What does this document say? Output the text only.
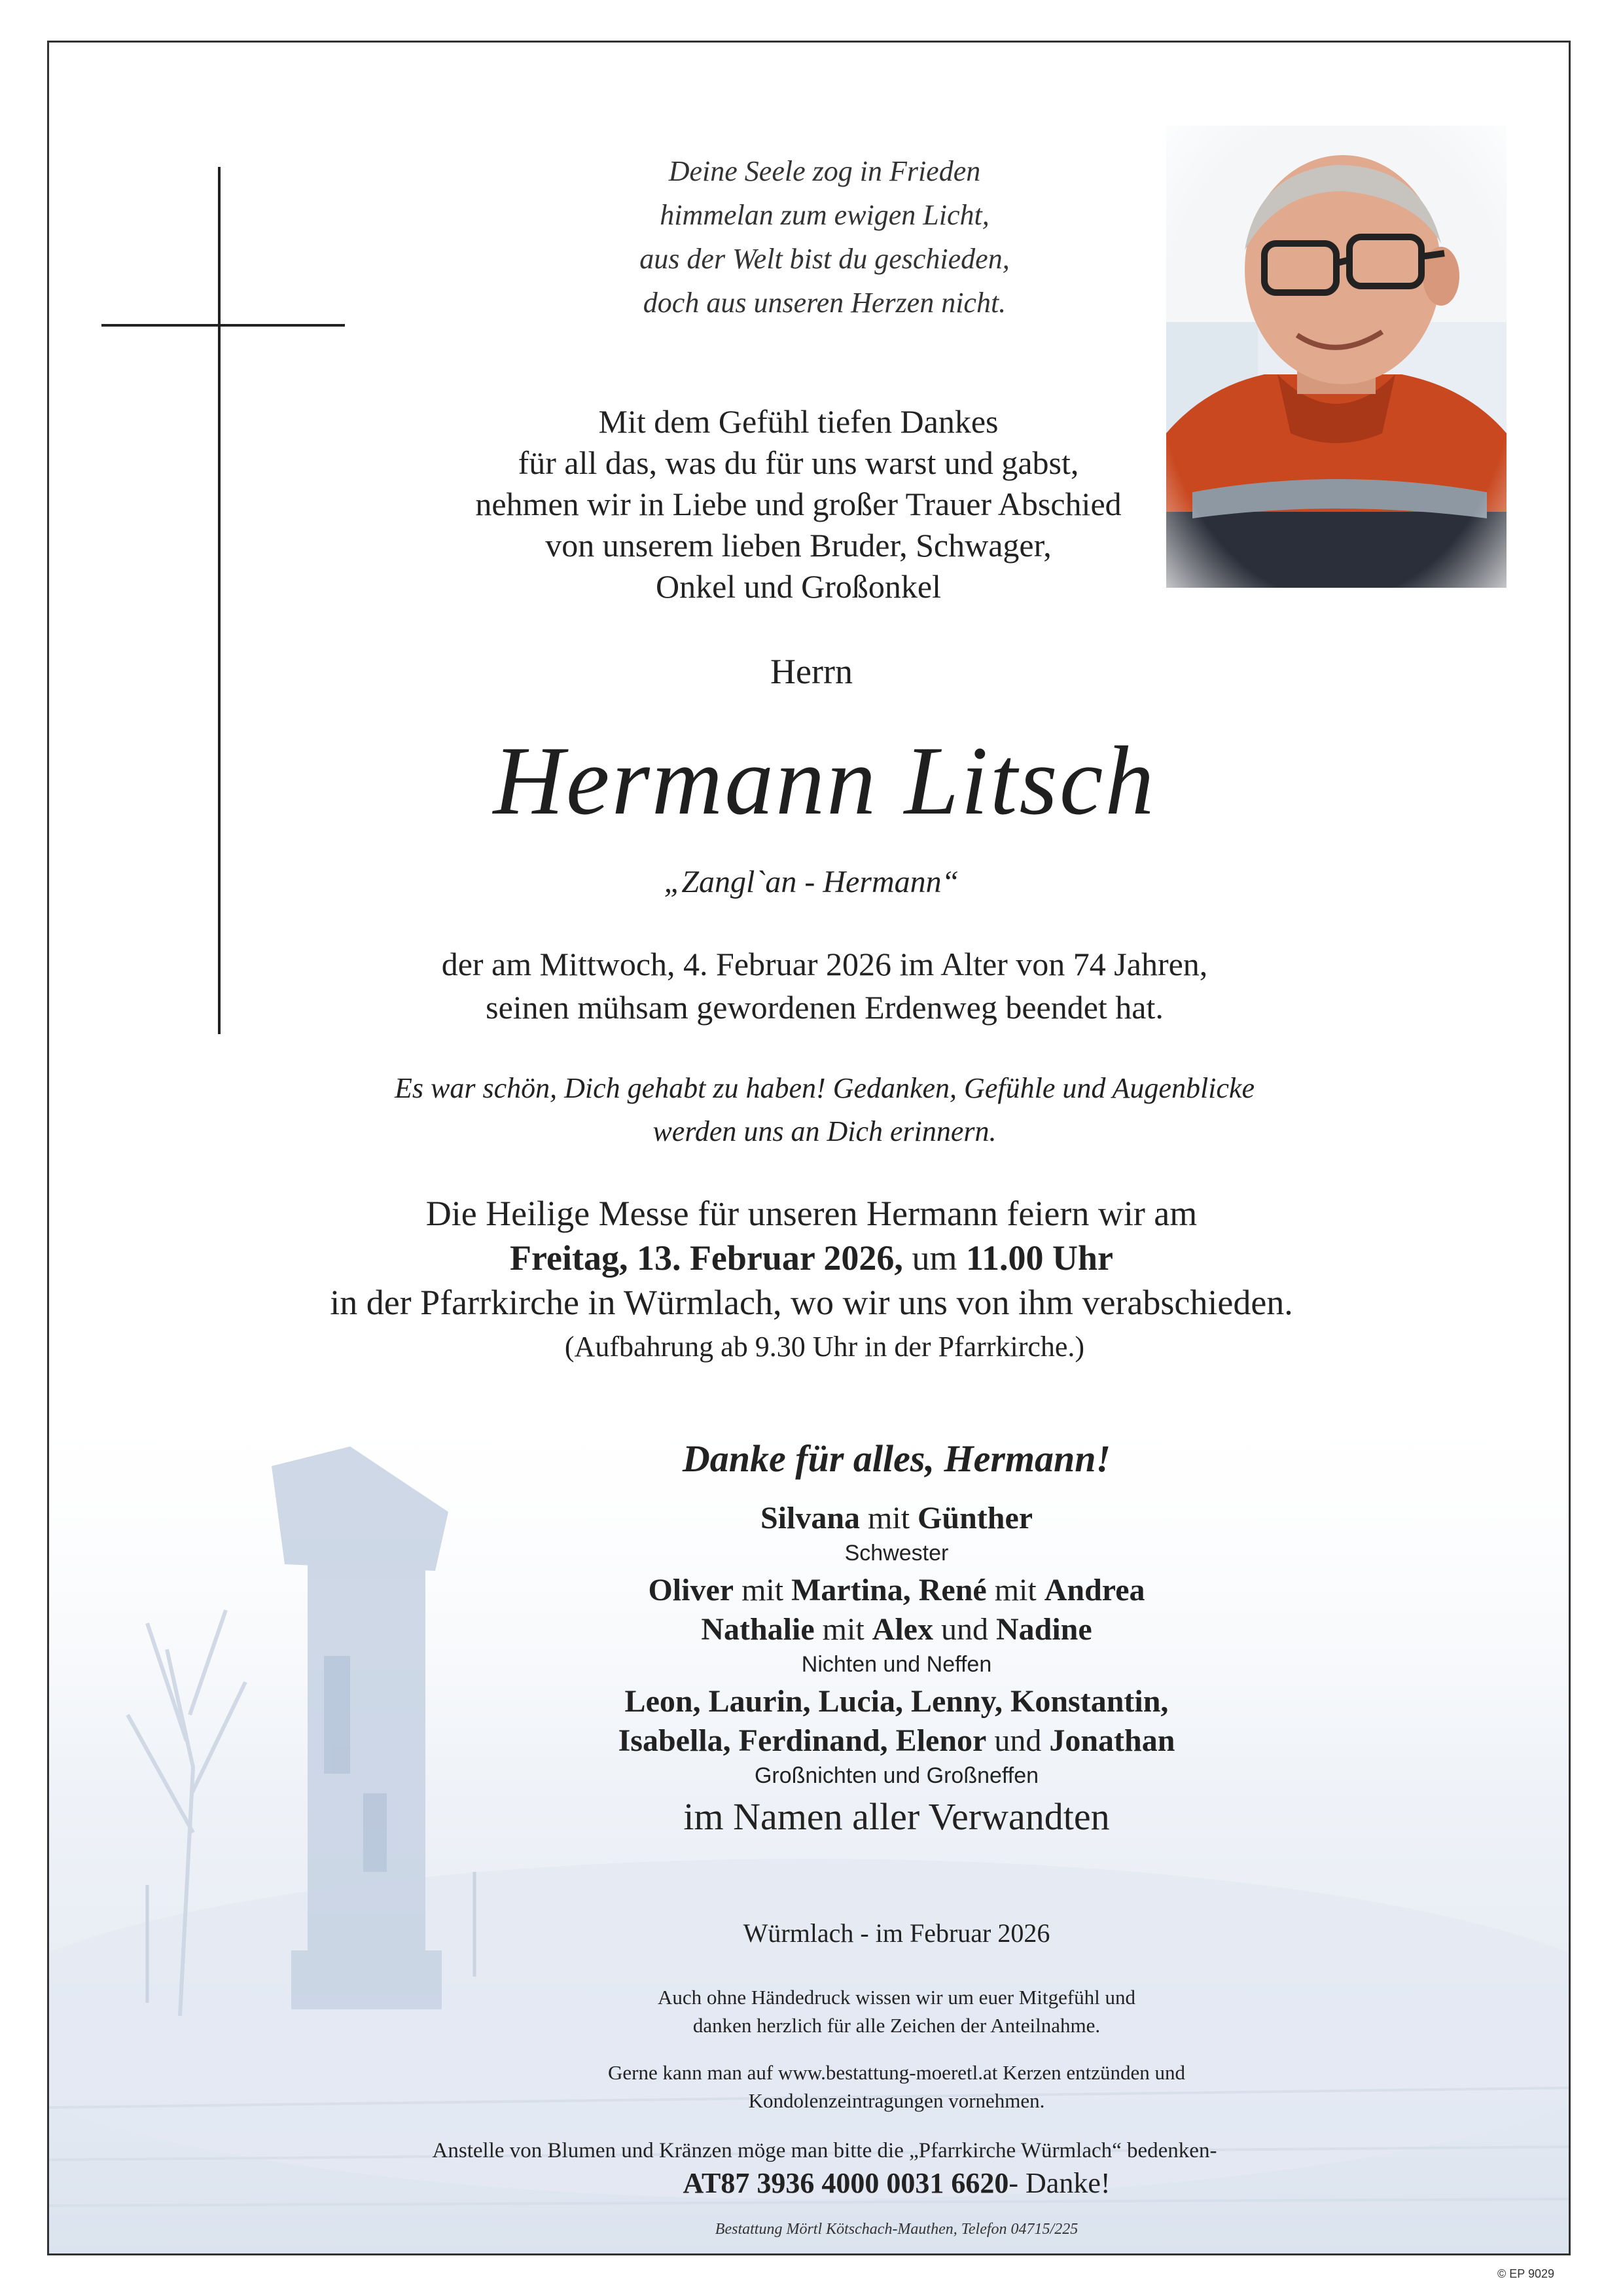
Deine Seele zog in Frieden
himmelan zum ewigen Licht,
aus der Welt bist du geschieden,
doch aus unseren Herzen nicht.
Mit dem Gefühl tiefen Dankes
für all das, was du für uns warst und gabst,
nehmen wir in Liebe und großer Trauer Abschied
von unserem lieben Bruder, Schwager,
Onkel und Großonkel
Herrn
Hermann Litsch
„Zangl`an - Hermann“
der am Mittwoch, 4. Februar 2026 im Alter von 74 Jahren,
seinen mühsam gewordenen Erdenweg beendet hat.
Es war schön, Dich gehabt zu haben! Gedanken, Gefühle und Augenblicke
werden uns an Dich erinnern.
Die Heilige Messe für unseren Hermann feiern wir am
Freitag, 13. Februar 2026, um 11.00 Uhr
in der Pfarrkirche in Würmlach, wo wir uns von ihm verabschieden.
(Aufbahrung ab 9.30 Uhr in der Pfarrkirche.)
Danke für alles, Hermann!
Silvana mit Günther
Schwester
Oliver mit Martina, René mit Andrea
Nathalie mit Alex und Nadine
Nichten und Neffen
Leon, Laurin, Lucia, Lenny, Konstantin,
Isabella, Ferdinand, Elenor und Jonathan
Großnichten und Großneffen
im Namen aller Verwandten
Würmlach - im Februar 2026
Auch ohne Händedruck wissen wir um euer Mitgefühl und
danken herzlich für alle Zeichen der Anteilnahme.
Gerne kann man auf www.bestattung-moeretl.at Kerzen entzünden und
Kondolenzeintragungen vornehmen.
Anstelle von Blumen und Kränzen möge man bitte die „Pfarrkirche Würmlach“ bedenken-
AT87 3936 4000 0031 6620- Danke!
Bestattung Mörtl Kötschach-Mauthen, Telefon 04715/225
© EP 9029
